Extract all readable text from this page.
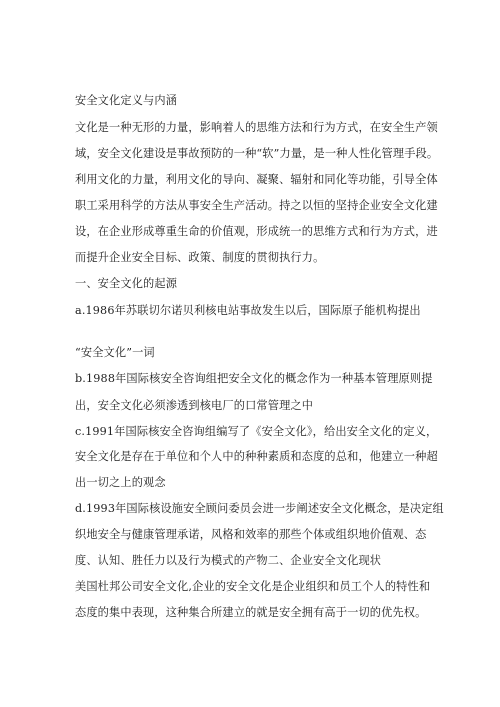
安全文化定义与内涵
文化是一种无形的力量，影响着人的思维方法和行为方式，在安全生产领
域，安全文化建设是事故预防的一种“软”力量，是一种人性化管理手段。
利用文化的力量，利用文化的导向、凝聚、辐射和同化等功能，引导全体
职工采用科学的方法从事安全生产活动。持之以恒的坚持企业安全文化建
设，在企业形成尊重生命的价值观，形成统一的思维方式和行为方式，进
而提升企业安全目标、政策、制度的贯彻执行力。
一、安全文化的起源
a.1986年苏联切尔诺贝利核电站事故发生以后，国际原子能机构提出
“安全文化”一词
b.1988年国际核安全咨询组把安全文化的概念作为一种基本管理原则提
出，安全文化必须渗透到核电厂的口常管理之中
c.1991年国际核安全咨询组编写了《安全文化》，给出安全文化的定义，
安全文化是存在于单位和个人中的种种素质和态度的总和，他建立一种超
出一切之上的观念
d.1993年国际核设施安全顾问委员会进一步阐述安全文化概念，是决定组
织地安全与健康管理承诺，风格和效率的那些个体或组织地价值观、态
度、认知、胜任力以及行为模式的产物二、企业安全文化现状
美国杜邦公司安全文化,企业的安全文化是企业组织和员工个人的特性和
态度的集中表现，这种集合所建立的就是安全拥有高于一切的优先权。
